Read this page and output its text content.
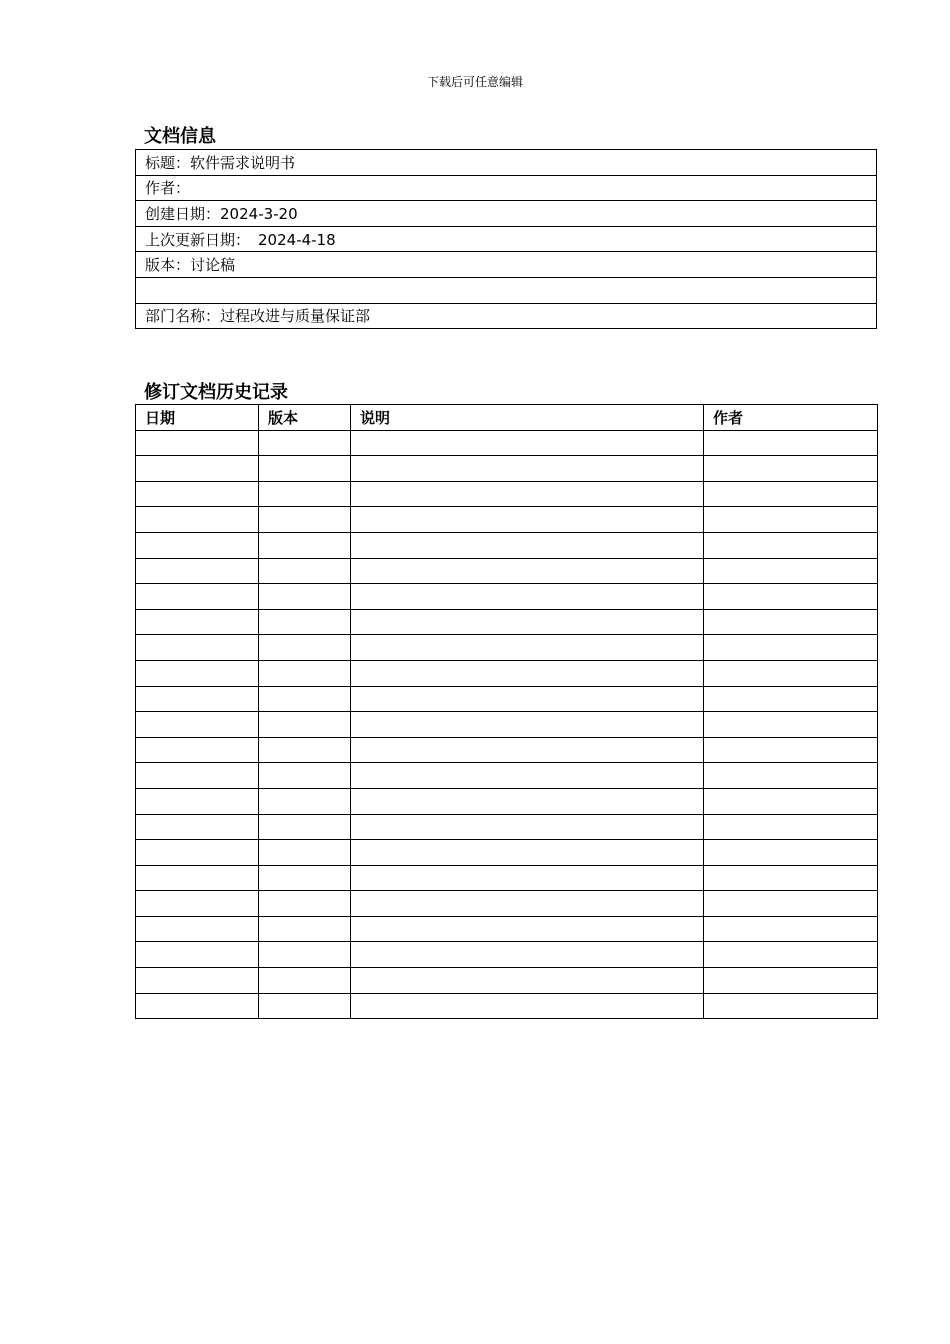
下载后可任意编辑
文档信息
标题：软件需求说明书
作者：
创建日期：2024-3-20
上次更新日期： 2024-4-18
版本：讨论稿

部门名称：过程改进与质量保证部
修订文档历史记录
日期	版本	说明	作者
